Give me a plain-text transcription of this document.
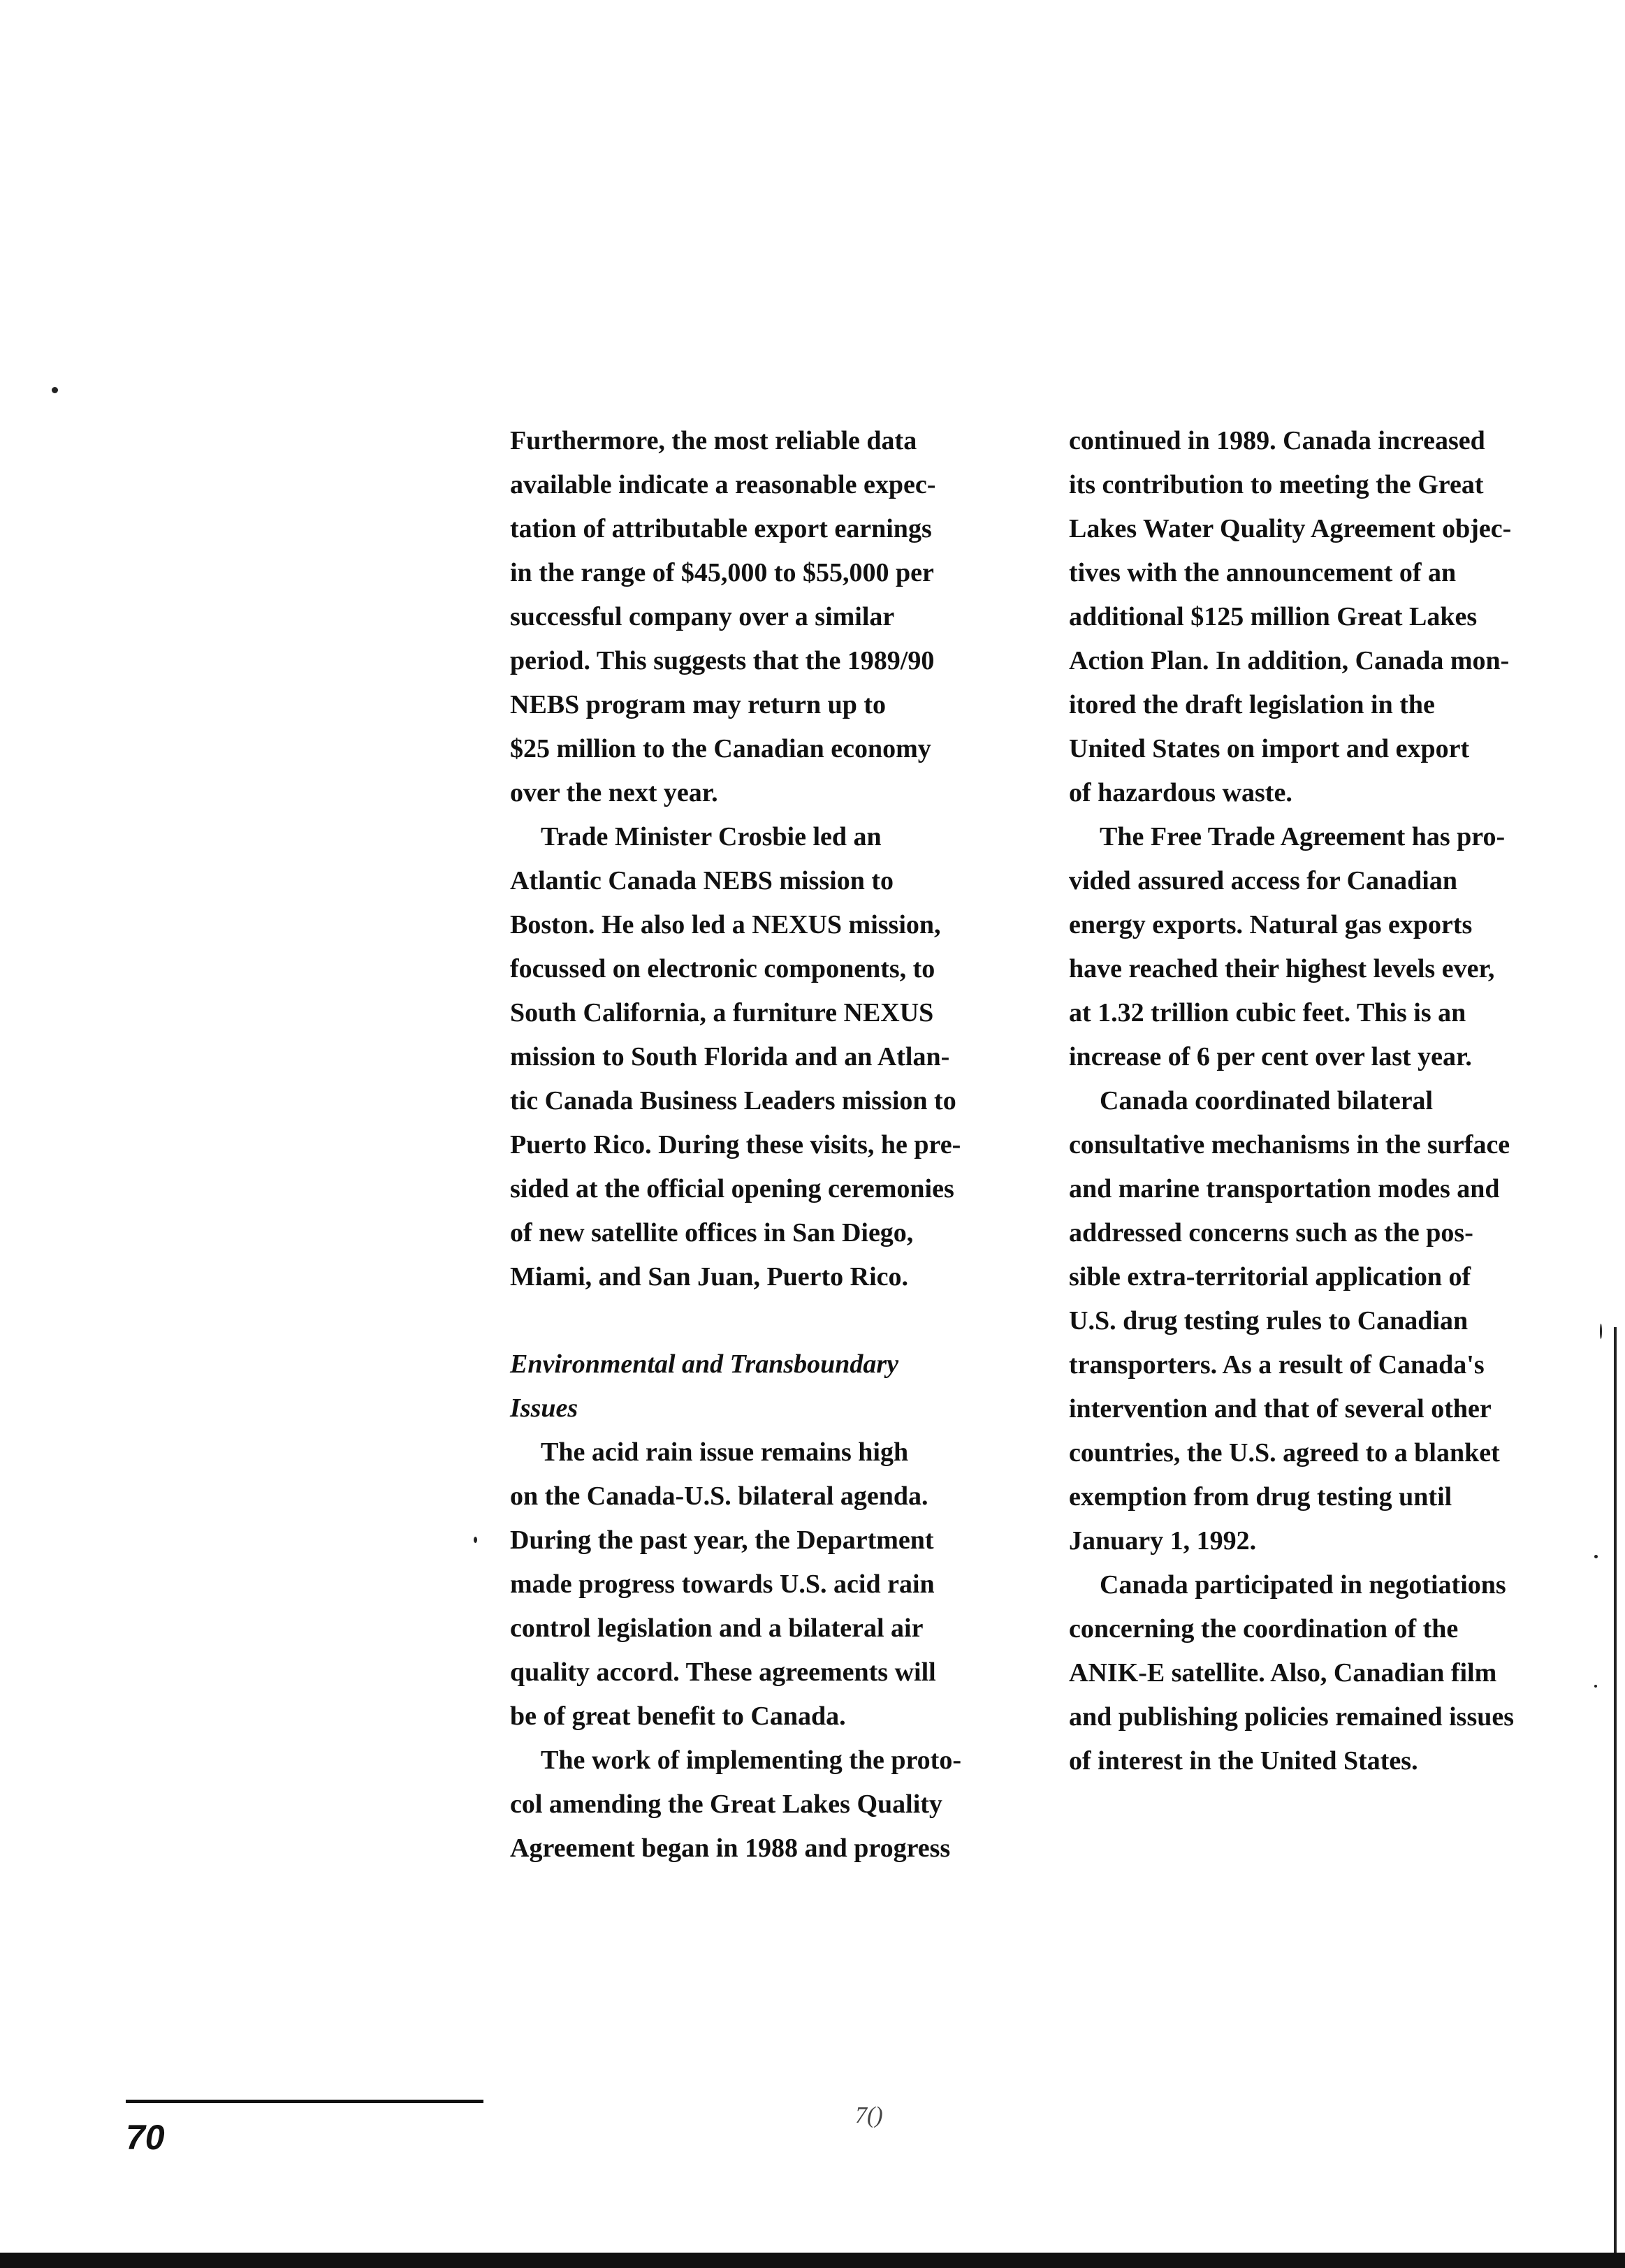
Furthermore, the most reliable data
available indicate a reasonable expec-
tation of attributable export earnings
in the range of $45,000 to $55,000 per
successful company over a similar
period. This suggests that the 1989/90
NEBS program may return up to
$25 million to the Canadian economy
over the next year.
Trade Minister Crosbie led an
Atlantic Canada NEBS mission to
Boston. He also led a NEXUS mission,
focussed on electronic components, to
South California, a furniture NEXUS
mission to South Florida and an Atlan-
tic Canada Business Leaders mission to
Puerto Rico. During these visits, he pre-
sided at the official opening ceremonies
of new satellite offices in San Diego,
Miami, and San Juan, Puerto Rico.
Environmental and Transboundary
Issues
The acid rain issue remains high
on the Canada-U.S. bilateral agenda.
During the past year, the Department
made progress towards U.S. acid rain
control legislation and a bilateral air
quality accord. These agreements will
be of great benefit to Canada.
The work of implementing the proto-
col amending the Great Lakes Quality
Agreement began in 1988 and progress
continued in 1989. Canada increased
its contribution to meeting the Great
Lakes Water Quality Agreement objec-
tives with the announcement of an
additional $125 million Great Lakes
Action Plan. In addition, Canada mon-
itored the draft legislation in the
United States on import and export
of hazardous waste.
The Free Trade Agreement has pro-
vided assured access for Canadian
energy exports. Natural gas exports
have reached their highest levels ever,
at 1.32 trillion cubic feet. This is an
increase of 6 per cent over last year.
Canada coordinated bilateral
consultative mechanisms in the surface
and marine transportation modes and
addressed concerns such as the pos-
sible extra-territorial application of
U.S. drug testing rules to Canadian
transporters. As a result of Canada's
intervention and that of several other
countries, the U.S. agreed to a blanket
exemption from drug testing until
January 1, 1992.
Canada participated in negotiations
concerning the coordination of the
ANIK-E satellite. Also, Canadian film
and publishing policies remained issues
of interest in the United States.
70
7()
